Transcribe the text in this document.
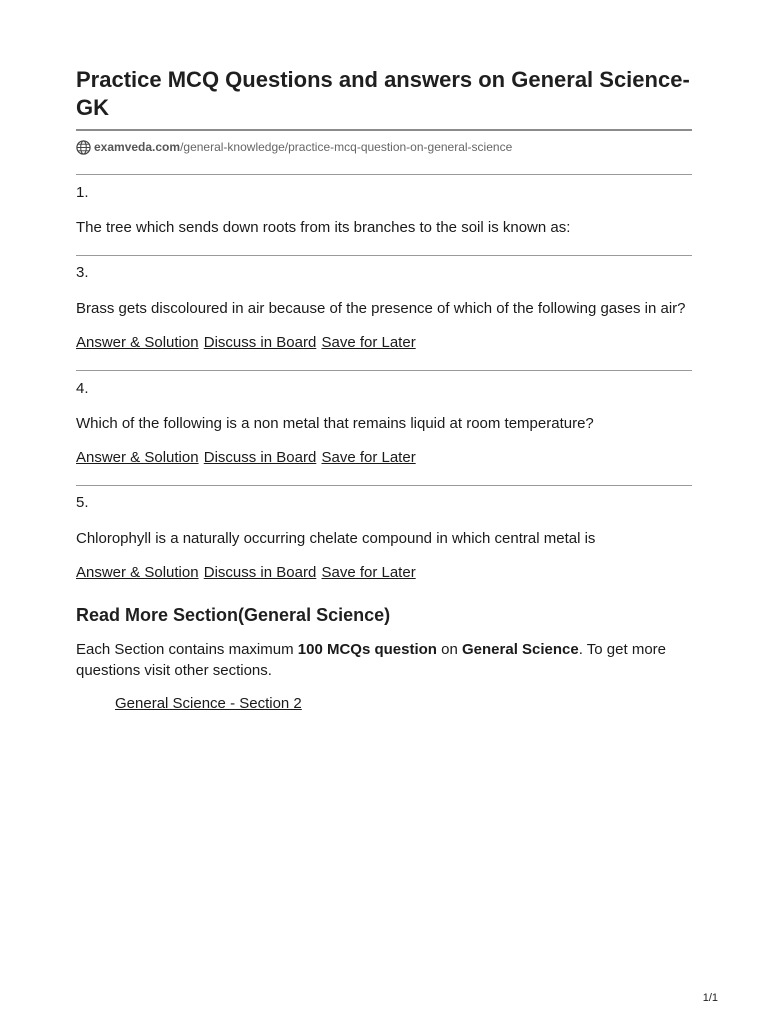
Practice MCQ Questions and answers on General Science-GK
examveda.com /general-knowledge/practice-mcq-question-on-general-science

1.

The tree which sends down roots from its branches to the soil is known as:

3.

Brass gets discoloured in air because of the presence of which of the following gases in air?

Answer & Solution Discuss in Board Save for Later

4.

Which of the following is a non metal that remains liquid at room temperature?

Answer & Solution Discuss in Board Save for Later

5.

Chlorophyll is a naturally occurring chelate compound in which central metal is

Answer & Solution Discuss in Board Save for Later
Read More Section(General Science)

Each Section contains maximum 100 MCQs question on General Science. To get more questions visit other sections.

General Science - Section 2
1/1
